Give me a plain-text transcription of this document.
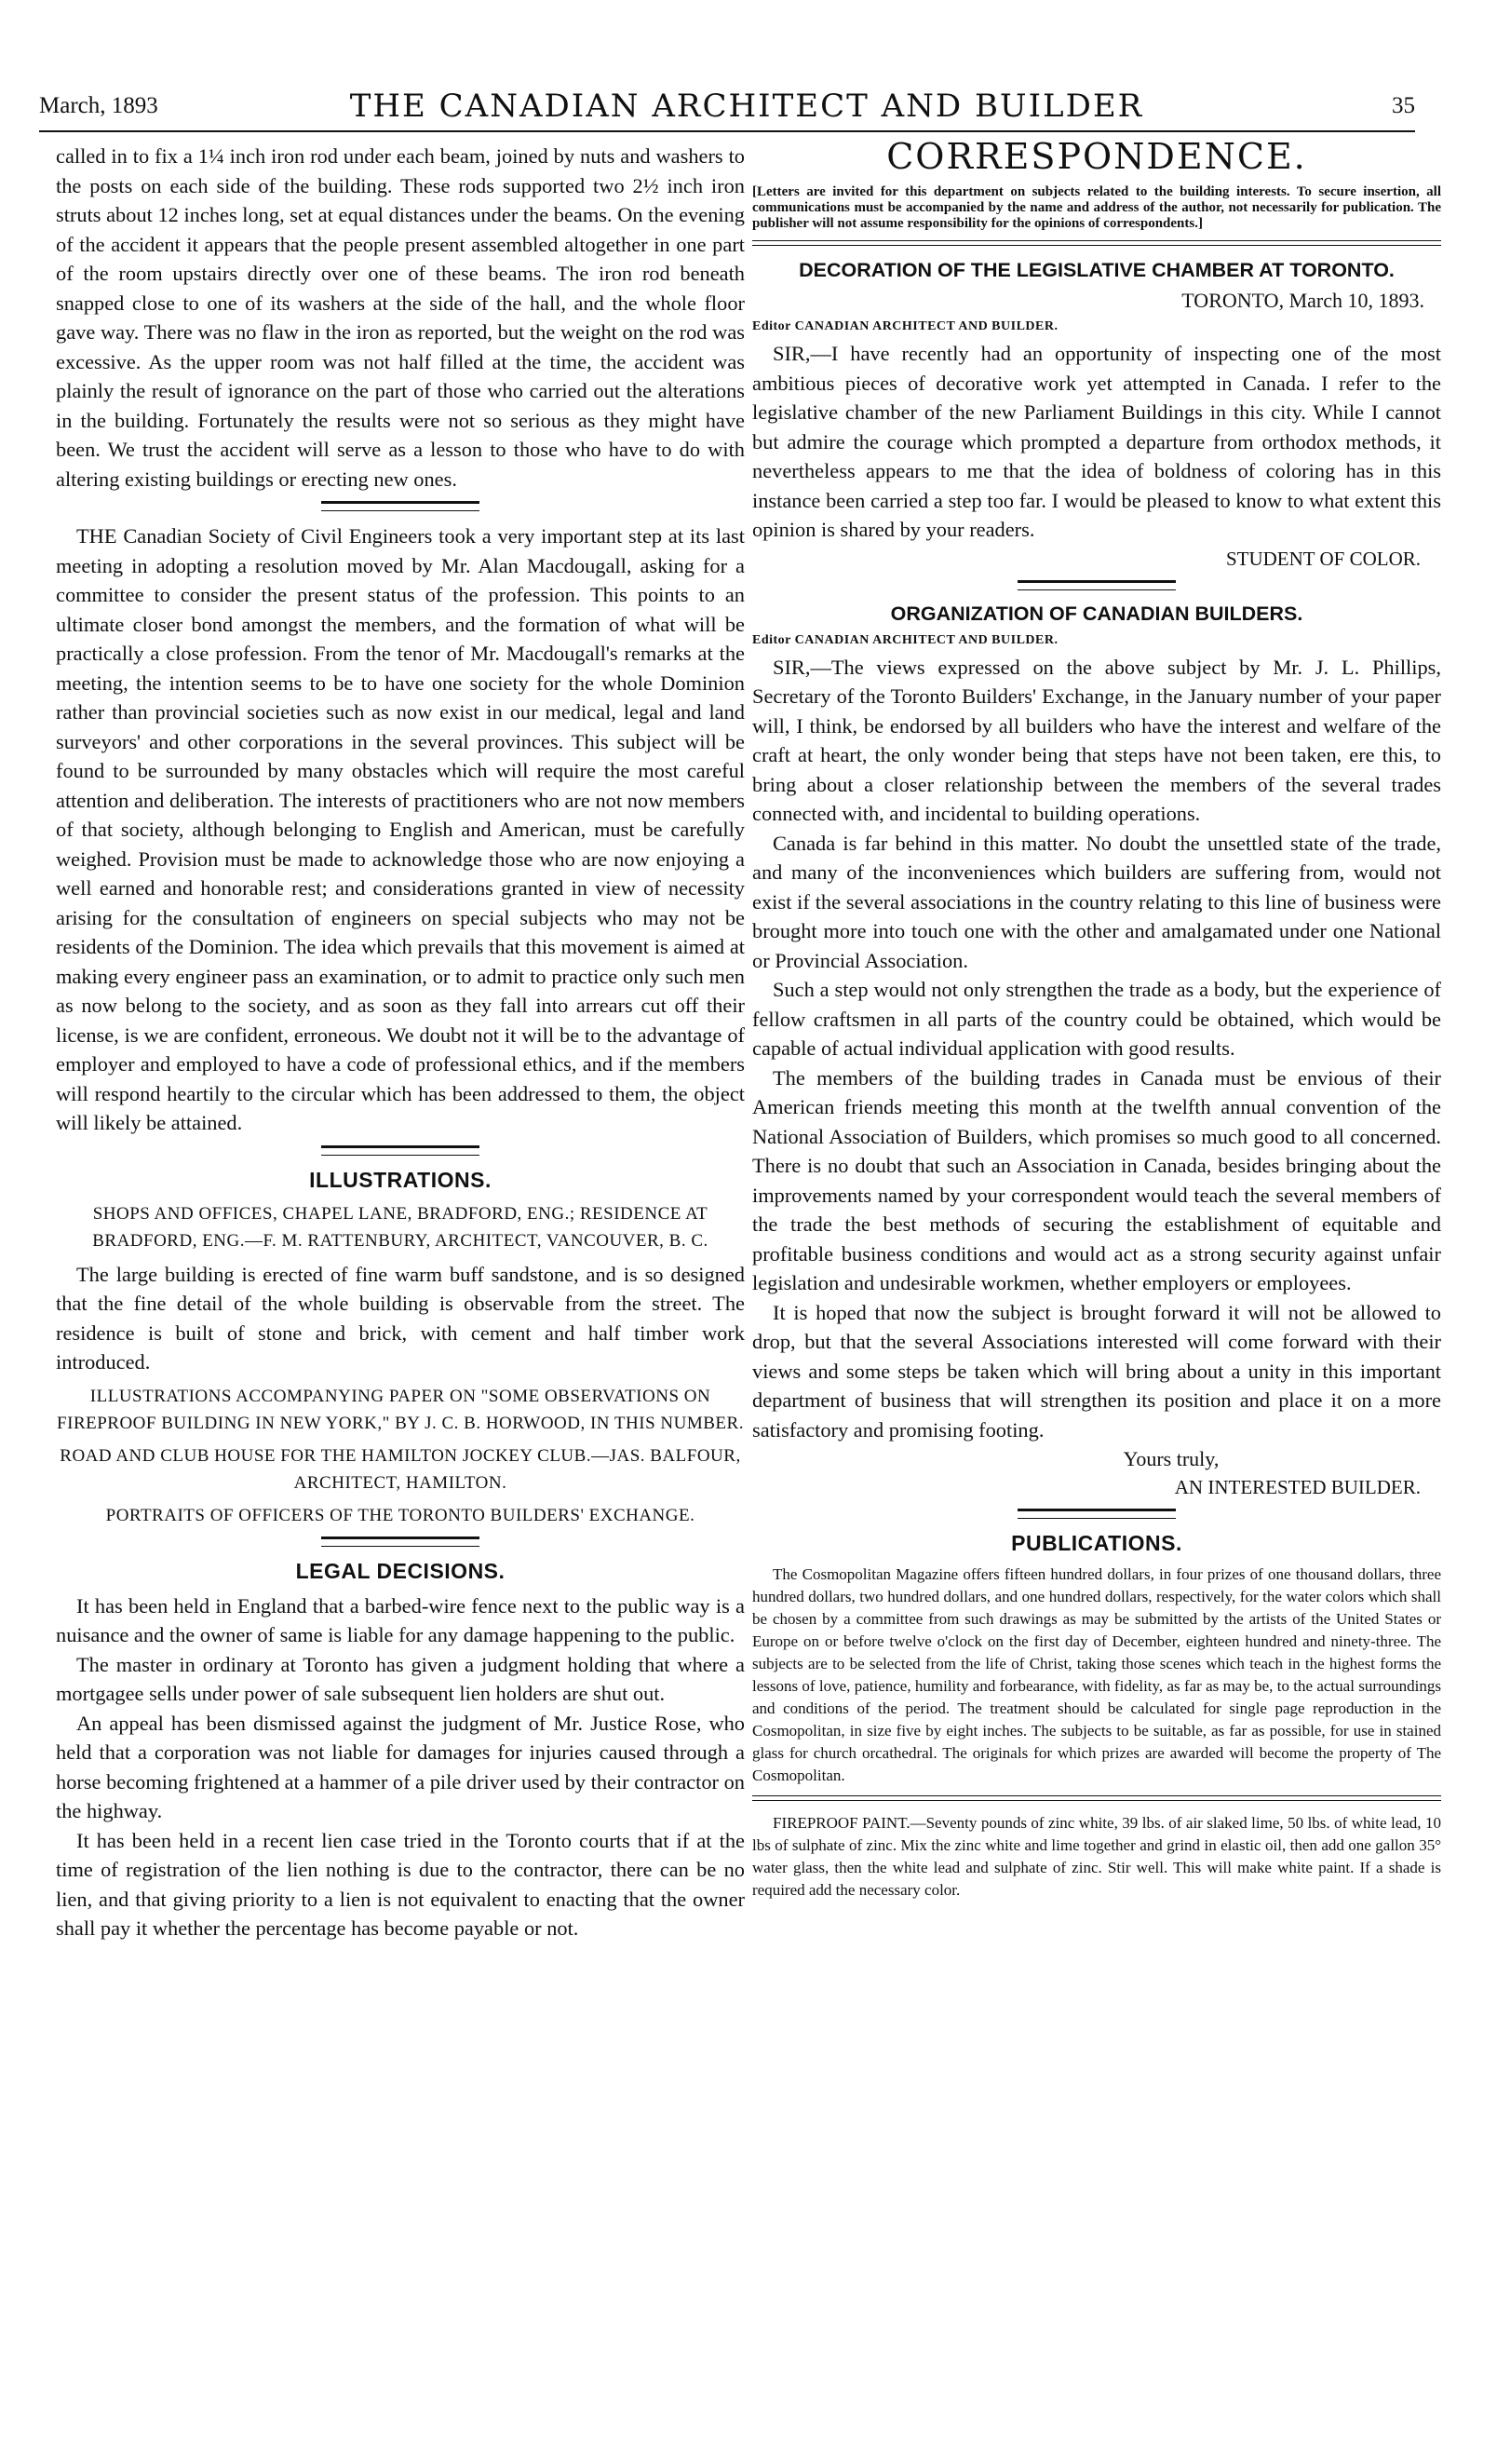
March, 1893	THE CANADIAN ARCHITECT AND BUILDER	35

called in to fix a 1¼ inch iron rod under each beam, joined by nuts and washers to the posts on each side of the building. These rods supported two 2½ inch iron struts about 12 inches long, set at equal distances under the beams. On the evening of the accident it appears that the people present assembled altogether in one part of the room upstairs directly over one of these beams. The iron rod beneath snapped close to one of its washers at the side of the hall, and the whole floor gave way. There was no flaw in the iron as reported, but the weight on the rod was excessive. As the upper room was not half filled at the time, the accident was plainly the result of ignorance on the part of those who carried out the alterations in the building. Fortunately the results were not so serious as they might have been. We trust the accident will serve as a lesson to those who have to do with altering existing buildings or erecting new ones.

THE Canadian Society of Civil Engineers took a very important step at its last meeting in adopting a resolution moved by Mr. Alan Macdougall, asking for a committee to consider the present status of the profession. This points to an ultimate closer bond amongst the members, and the formation of what will be practically a close profession. From the tenor of Mr. Macdougall's remarks at the meeting, the intention seems to be to have one society for the whole Dominion rather than provincial societies such as now exist in our medical, legal and land surveyors' and other corporations in the several provinces. This subject will be found to be surrounded by many obstacles which will require the most careful attention and deliberation. The interests of practitioners who are not now members of that society, although belonging to English and American, must be carefully weighed. Provision must be made to acknowledge those who are now enjoying a well earned and honorable rest; and considerations granted in view of necessity arising for the consultation of engineers on special subjects who may not be residents of the Dominion. The idea which prevails that this movement is aimed at making every engineer pass an examination, or to admit to practice only such men as now belong to the society, and as soon as they fall into arrears cut off their license, is we are confident, erroneous. We doubt not it will be to the advantage of employer and employed to have a code of professional ethics, and if the members will respond heartily to the circular which has been addressed to them, the object will likely be attained.

ILLUSTRATIONS.
SHOPS AND OFFICES, CHAPEL LANE, BRADFORD, ENG.; RESIDENCE AT BRADFORD, ENG.—F. M. RATTENBURY, ARCHITECT, VANCOUVER, B. C.

The large building is erected of fine warm buff sandstone, and is so designed that the fine detail of the whole building is observable from the street. The residence is built of stone and brick, with cement and half timber work introduced.

ILLUSTRATIONS ACCOMPANYING PAPER ON "SOME OBSERVATIONS ON FIREPROOF BUILDING IN NEW YORK," BY J. C. B. HORWOOD, IN THIS NUMBER.
ROAD AND CLUB HOUSE FOR THE HAMILTON JOCKEY CLUB.—JAS. BALFOUR, ARCHITECT, HAMILTON.
PORTRAITS OF OFFICERS OF THE TORONTO BUILDERS' EXCHANGE.
LEGAL DECISIONS.

It has been held in England that a barbed-wire fence next to the public way is a nuisance and the owner of same is liable for any damage happening to the public.

The master in ordinary at Toronto has given a judgment holding that where a mortgagee sells under power of sale subsequent lien holders are shut out.

An appeal has been dismissed against the judgment of Mr. Justice Rose, who held that a corporation was not liable for damages for injuries caused through a horse becoming frightened at a hammer of a pile driver used by their contractor on the highway.

It has been held in a recent lien case tried in the Toronto courts that if at the time of registration of the lien nothing is due to the contractor, there can be no lien, and that giving priority to a lien is not equivalent to enacting that the owner shall pay it whether the percentage has become payable or not.

CORRESPONDENCE.
[Letters are invited for this department on subjects related to the building interests. To secure insertion, all communications must be accompanied by the name and address of the author, not necessarily for publication. The publisher will not assume responsibility for the opinions of correspondents.]
DECORATION OF THE LEGISLATIVE CHAMBER AT TORONTO.
TORONTO, March 10, 1893.
Editor CANADIAN ARCHITECT AND BUILDER.

SIR,—I have recently had an opportunity of inspecting one of the most ambitious pieces of decorative work yet attempted in Canada. I refer to the legislative chamber of the new Parliament Buildings in this city. While I cannot but admire the courage which prompted a departure from orthodox methods, it nevertheless appears to me that the idea of boldness of coloring has in this instance been carried a step too far. I would be pleased to know to what extent this opinion is shared by your readers.

STUDENT OF COLOR.
ORGANIZATION OF CANADIAN BUILDERS.
Editor CANADIAN ARCHITECT AND BUILDER.

SIR,—The views expressed on the above subject by Mr. J. L. Phillips, Secretary of the Toronto Builders' Exchange, in the January number of your paper will, I think, be endorsed by all builders who have the interest and welfare of the craft at heart, the only wonder being that steps have not been taken, ere this, to bring about a closer relationship between the members of the several trades connected with, and incidental to building operations.

Canada is far behind in this matter. No doubt the unsettled state of the trade, and many of the inconveniences which builders are suffering from, would not exist if the several associations in the country relating to this line of business were brought more into touch one with the other and amalgamated under one National or Provincial Association.

Such a step would not only strengthen the trade as a body, but the experience of fellow craftsmen in all parts of the country could be obtained, which would be capable of actual individual application with good results.

The members of the building trades in Canada must be envious of their American friends meeting this month at the twelfth annual convention of the National Association of Builders, which promises so much good to all concerned. There is no doubt that such an Association in Canada, besides bringing about the improvements named by your correspondent would teach the several members of the trade the best methods of securing the establishment of equitable and profitable business conditions and would act as a strong security against unfair legislation and undesirable workmen, whether employers or employees.

It is hoped that now the subject is brought forward it will not be allowed to drop, but that the several Associations interested will come forward with their views and some steps be taken which will bring about a unity in this important department of business that will strengthen its position and place it on a more satisfactory and promising footing.

Yours truly,
AN INTERESTED BUILDER.
PUBLICATIONS.

The Cosmopolitan Magazine offers fifteen hundred dollars, in four prizes of one thousand dollars, three hundred dollars, two hundred dollars, and one hundred dollars, respectively, for the water colors which shall be chosen by a committee from such drawings as may be submitted by the artists of the United States or Europe on or before twelve o'clock on the first day of December, eighteen hundred and ninety-three. The subjects are to be selected from the life of Christ, taking those scenes which teach in the highest forms the lessons of love, patience, humility and forbearance, with fidelity, as far as may be, to the actual surroundings and conditions of the period. The treatment should be calculated for single page reproduction in the Cosmopolitan, in size five by eight inches. The subjects to be suitable, as far as possible, for use in stained glass for church orcathedral. The originals for which prizes are awarded will become the property of The Cosmopolitan.

FIREPROOF PAINT.—Seventy pounds of zinc white, 39 lbs. of air slaked lime, 50 lbs. of white lead, 10 lbs of sulphate of zinc. Mix the zinc white and lime together and grind in elastic oil, then add one gallon 35° water glass, then the white lead and sulphate of zinc. Stir well. This will make white paint. If a shade is required add the necessary color.
